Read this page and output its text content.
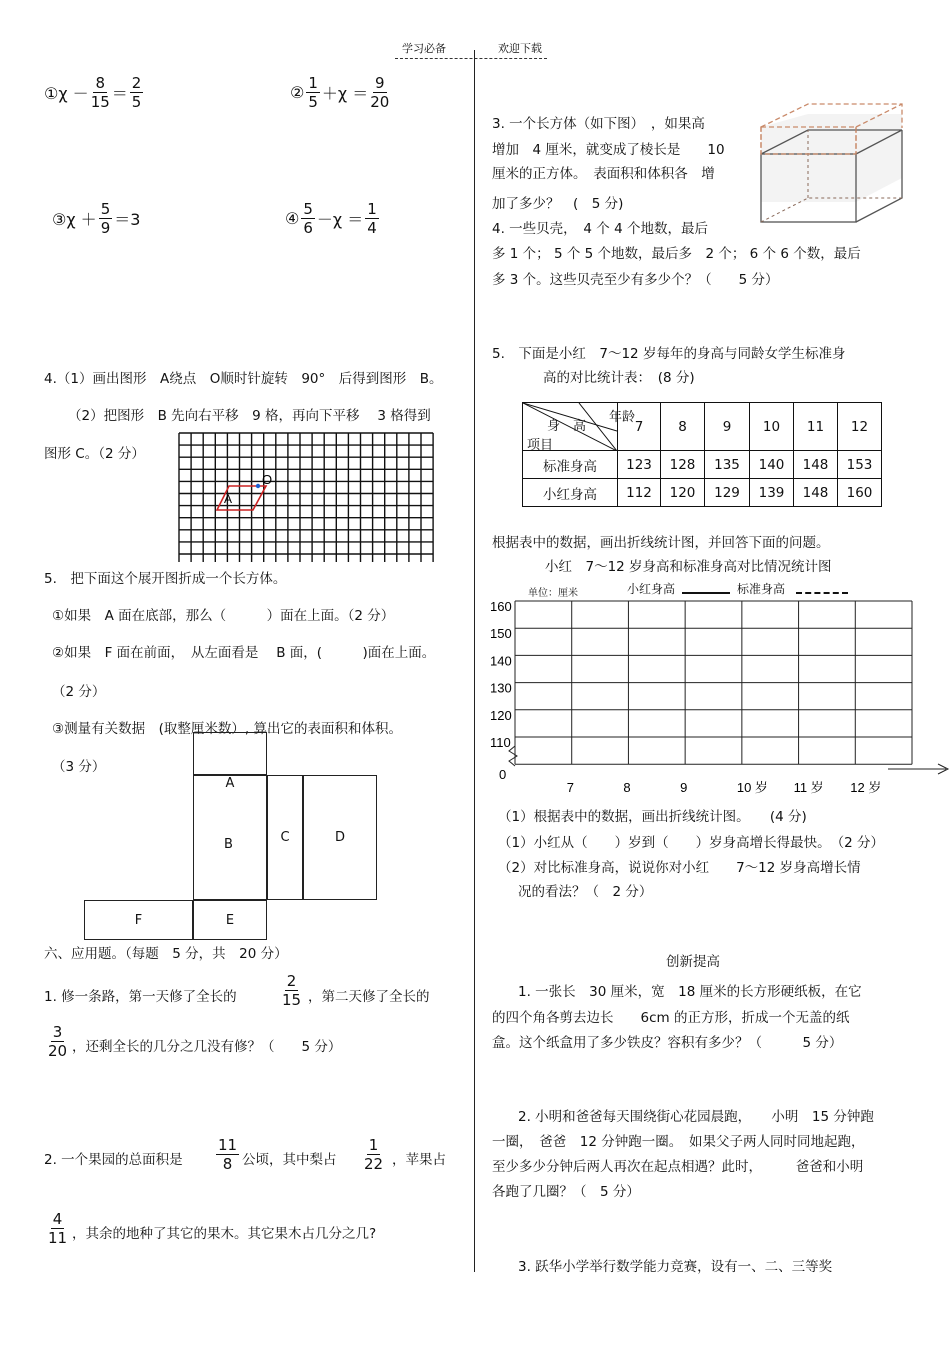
学习必备	欢迎下载
①χ － $\frac{8}{15} = \frac{2}{5}$	② $\frac{1}{5} +\chi = \frac{9}{20}$
③χ ＋ $\frac{5}{9} =3$	④ $\frac{5}{6} -\chi = \frac{1}{4}$
4.（1）画出图形　A绕点　O顺时针旋转　90°　后得到图形　B。
（2）把图形　B 先向右平移　9 格，再向下平移　 3 格得到
图形 C。（2 分）
A
O
5.　把下面这个展开图折成一个长方体。
①如果　A 面在底部，那么（　　　）面在上面。（2 分）
②如果　F 面在前面，　从左面看是　 B 面，(　　　)面在上面。
（2 分）
③测量有关数据　(取整厘米数）, 算出它的表面积和体积。
（3 分）
A
B	C	D
F	E
六、应用题。（每题　5 分，共　20 分）
1. 修一条路，第一天修了全长的	$\frac{2}{15}$ ，第二天修了全长的
$\frac{3}{20}$ ，还剩全长的几分之几没有修？（　　5 分）
2. 一个果园的总面积是 $\frac{11}{8}$ 公顷，其中梨占 $\frac{1}{22}$ ，苹果占
$\frac{4}{11}$ ，其余的地种了其它的果木。其它果木占几分之几?
3. 一个长方体（如下图）　，如果高
增加　4 厘米，就变成了棱长是　　10
厘米的正方体。　表面积和体积各　增
加了多少？　(　5 分)
4. 一些贝壳，　4 个 4 个地数，最后
多 1 个； 5 个 5 个地数，最后多　2 个； 6 个 6 个数，最后
多 3 个。这些贝壳至少有多少个？（　　5 分）
5.　下面是小红　7～12 岁每年的身高与同龄女学生标准身
高的对比统计表：　(8 分)
身　高
年龄
项目	7	8	9	10	11	12
标准身高	123	128	135	140	148	153
小红身高	112	120	129	139	148	160
根据表中的数据，画出折线统计图，并回答下面的问题。
小红　7～12 岁身高和标准身高对比情况统计图
单位：厘米	小红身高	标准身高
160
150
140
130
120
110
0
7	8	9	10 岁 11 岁 12 岁
（1）根据表中的数据，画出折线统计图。　　(4 分)
（1）小红从（　　）岁到（　　）岁身高增长得最快。　（2 分）
（2）对比标准身高，说说你对小红　　7～12 岁身高增长情
况的看法？（　2 分）
创新提高
1. 一张长　30 厘米，宽　18 厘米的长方形硬纸板，在它
的四个角各剪去边长　　6cm 的正方形，折成一个无盖的纸
盒。这个纸盒用了多少铁皮？容积有多少？（　　　5 分）
2. 小明和爸爸每天围绕街心花园晨跑，　　小明　15 分钟跑
一圈，　爸爸　12 分钟跑一圈。　如果父子两人同时同地起跑，
至少多少分钟后两人再次在起点相遇？此时，　　　爸爸和小明
各跑了几圈？（　5 分）
3. 跃华小学举行数学能力竞赛，设有一、二、三等奖
